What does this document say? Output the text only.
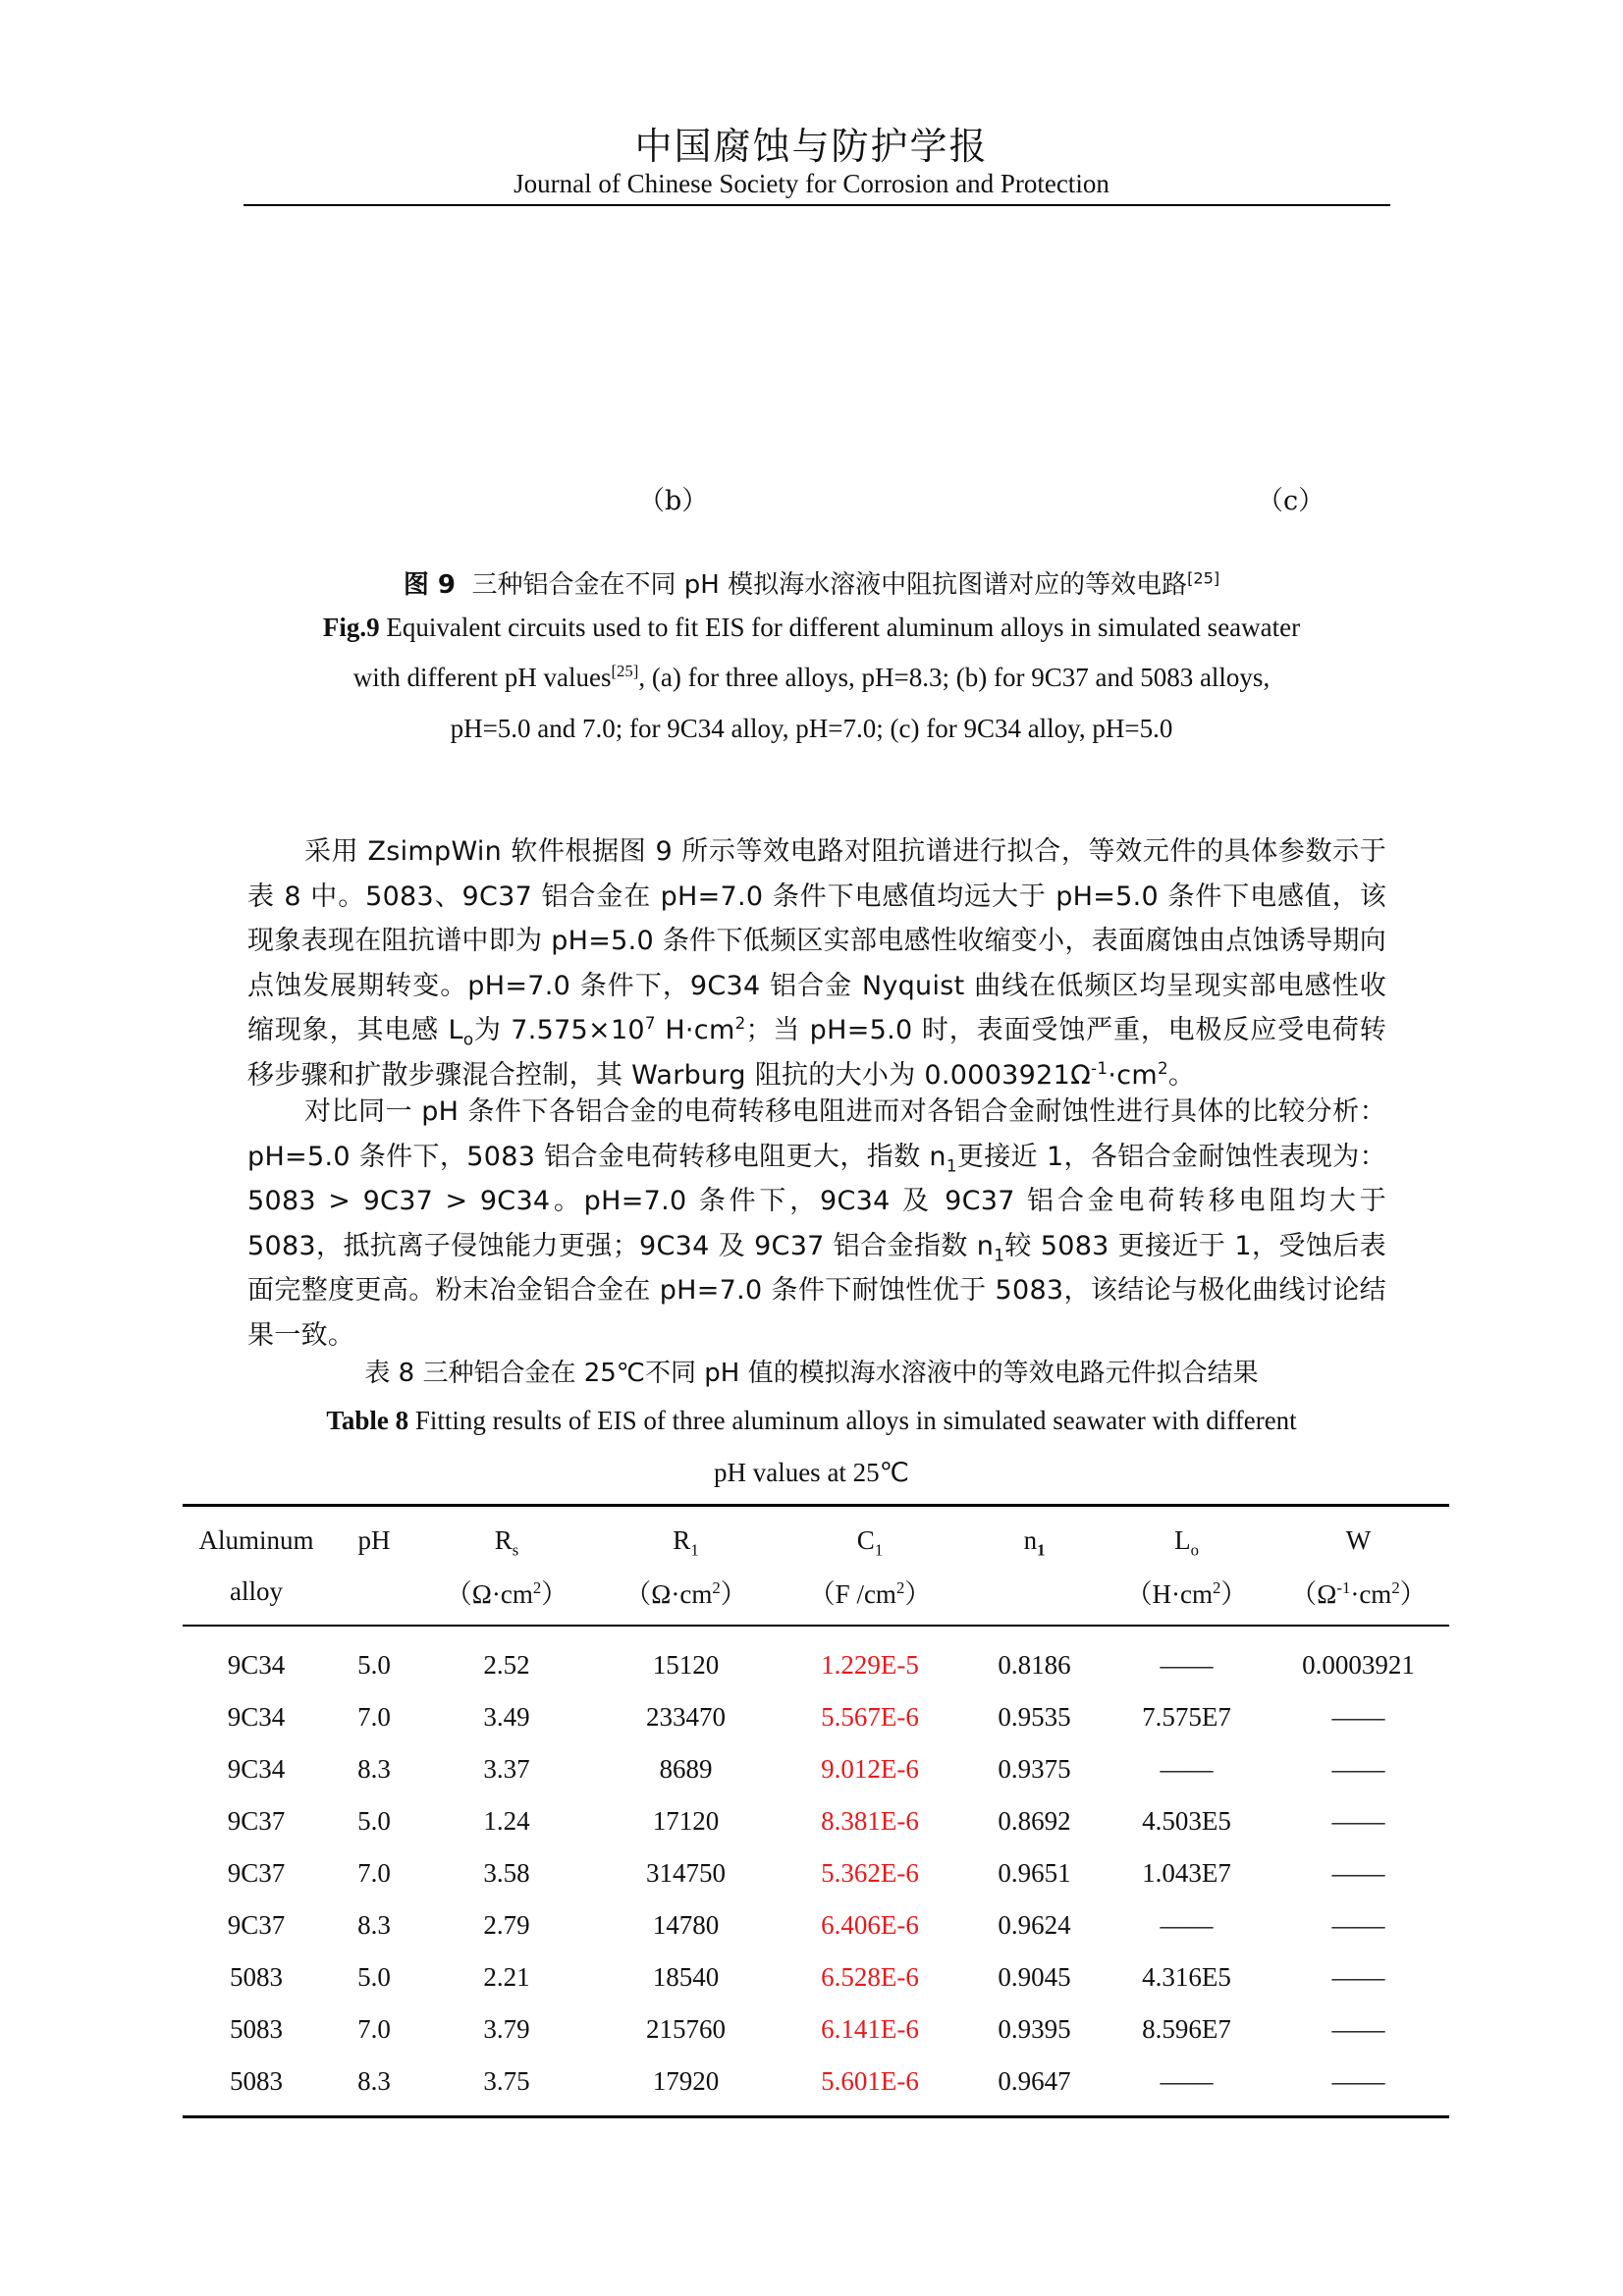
中国腐蚀与防护学报
Journal of Chinese Society for Corrosion and Protection
（b）	（c）
图 9 三种铝合金在不同 pH 模拟海水溶液中阻抗图谱对应的等效电路[25]
Fig.9 Equivalent circuits used to fit EIS for different aluminum alloys in simulated seawater
with different pH values[25], (a) for three alloys, pH=8.3; (b) for 9C37 and 5083 alloys,
pH=5.0 and 7.0; for 9C34 alloy, pH=7.0; (c) for 9C34 alloy, pH=5.0

采用 ZsimpWin 软件根据图 9 所示等效电路对阻抗谱进行拟合，等效元件的具体参数示于表 8 中。5083、9C37 铝合金在 pH=7.0 条件下电感值均远大于 pH=5.0 条件下电感值，该现象表现在阻抗谱中即为 pH=5.0 条件下低频区实部电感性收缩变小，表面腐蚀由点蚀诱导期向点蚀发展期转变。pH=7.0 条件下，9C34 铝合金 Nyquist 曲线在低频区均呈现实部电感性收缩现象，其电感 $L_o$为 $7.575\times 10^7$ $H\cdot cm^2$；当 pH=5.0 时，表面受蚀严重，电极反应受电荷转移步骤和扩散步骤混合控制，其 Warburg 阻抗的大小为 $0.0003921\Omega^{-1}\cdot cm^2$。

对比同一 pH 条件下各铝合金的电荷转移电阻进而对各铝合金耐蚀性进行具体的比较分析：pH=5.0 条件下，5083 铝合金电荷转移电阻更大，指数 $n_1$更接近 1，各铝合金耐蚀性表现为：5083 > 9C37 > 9C34。pH=7.0 条件下，9C34 及 9C37 铝合金电荷转移电阻均大于 5083，抵抗离子侵蚀能力更强；9C34 及 9C37 铝合金指数 $n_1$较 5083 更接近于 1，受蚀后表面完整度更高。粉末冶金铝合金在 pH=7.0 条件下耐蚀性优于 5083，该结论与极化曲线讨论结果一致。

表 8 三种铝合金在 25℃不同 pH 值的模拟海水溶液中的等效电路元件拟合结果
Table 8 Fitting results of EIS of three aluminum alloys in simulated seawater with different
pH values at 25℃
Aluminum	pH	$R_s$	$R_1$	$C_1$	$n_1$	$L_o$	W
alloy		$(\Omega\cdot cm^2)$	$(\Omega\cdot cm^2)$	（F $/cm^2$）		$(H\cdot cm^2)$	$(\Omega^{-1}\cdot cm^2)$
9C34	5.0	2.52	15120	1.229E-5	0.8186	——	0.0003921
9C34	7.0	3.49	233470	5.567E-6	0.9535	7.575E7	——
9C34	8.3	3.37	8689	9.012E-6	0.9375	——	——
9C37	5.0	1.24	17120	8.381E-6	0.8692	4.503E5	——
9C37	7.0	3.58	314750	5.362E-6	0.9651	1.043E7	——
9C37	8.3	2.79	14780	6.406E-6	0.9624	——	——
5083	5.0	2.21	18540	6.528E-6	0.9045	4.316E5	——
5083	7.0	3.79	215760	6.141E-6	0.9395	8.596E7	——
5083	8.3	3.75	17920	5.601E-6	0.9647	——	——
